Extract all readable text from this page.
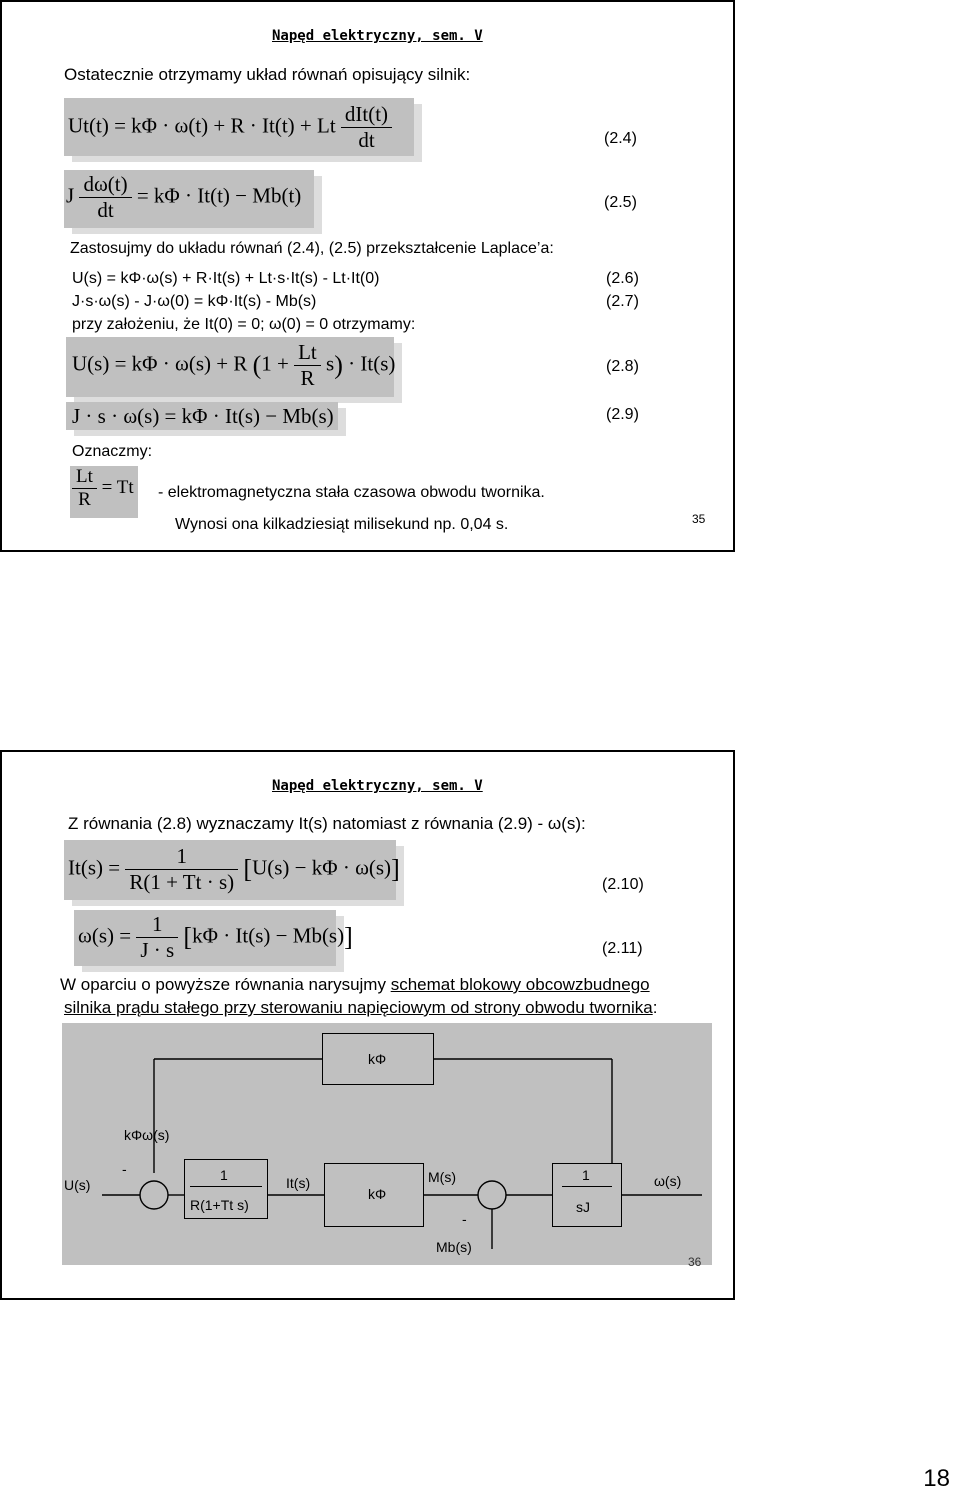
Napęd elektryczny, sem. V
Ostatecznie otrzymamy układ równań opisujący silnik:
Ut(t) = kΦ · ω(t) + R · It(t) + Lt $\frac{\text{dIt(t)}}{dt}$	(2.4)
J $\frac{d\omega(t)}{dt} = k\Phi \cdot It(t) - Mb(t)$	(2.5)
Zastosujmy do układu równań (2.4), (2.5) przekształcenie Laplace’a:
U(s) = kΦ·ω(s) + R·It(s) + Lt·s·It(s) - Lt·It(0)	(2.6)
J·s·ω(s) - J·ω(0) = kΦ·It(s) - Mb(s)	(2.7)
przy założeniu, że It(0) = 0; ω(0) = 0 otrzymamy:
U(s) = kΦ · ω(s) + R $(1 + \frac{Lt}{R} s) \cdot It(s)$	(2.8)
J · s · ω(s) = kΦ · It(s) − Mb(s)	(2.9)
Oznaczmy:
$\frac{Lt}{R} = Tt$ - elektromagnetyczna stała czasowa obwodu twornika.
Wynosi ona kilkadziesiąt milisekund np. 0,04 s.	35
Napęd elektryczny, sem. V
Z równania (2.8) wyznaczamy It(s) natomiast z równania (2.9) - ω(s):
$It(s) = \frac{1}{R(1 + Tt \cdot s)} [U(s) - k\Phi \cdot \omega(s)]$
(2.10)
$\omega(s) = \frac{1}{J \cdot s} [k\Phi \cdot It(s) - Mb(s)]$	(2.11)
W oparciu o powyższe równania narysujmy schemat blokowy obcowzbudnego
silnika prądu stałego przy sterowaniu napięciowym od strony obwodu twornika:
kΦ
kΦω(s)
-
U(s)
1
R(1+Tt s)
It(s)
kΦ
M(s)
-
Mb(s)
1
sJ
ω(s)
36
18
